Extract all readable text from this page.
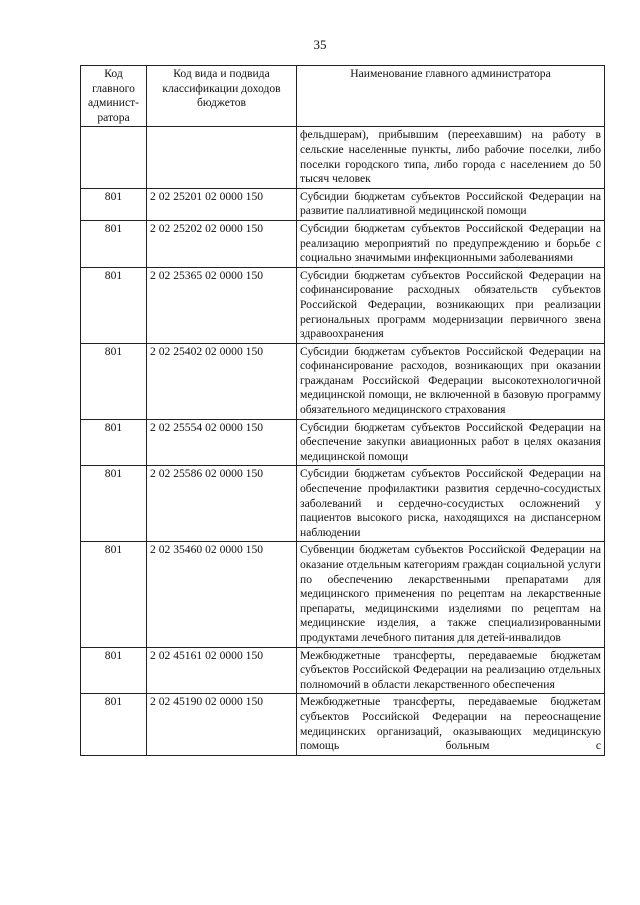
35
Код главного админист-ратора	Код вида и подвида классификации доходов бюджетов	Наименование главного администратора
		фельдшерам), прибывшим (переехавшим) на работу в сельские населенные пункты, либо рабочие поселки, либо поселки городского типа, либо города с населением до 50 тысяч человек
801	2 02 25201 02 0000 150	Субсидии бюджетам субъектов Российской Федерации на развитие паллиативной медицинской помощи
801	2 02 25202 02 0000 150	Субсидии бюджетам субъектов Российской Федерации на реализацию мероприятий по предупреждению и борьбе с социально значимыми инфекционными заболеваниями
801	2 02 25365 02 0000 150	Субсидии бюджетам субъектов Российской Федерации на софинансирование расходных обязательств субъектов Российской Федерации, возникающих при реализации региональных программ модернизации первичного звена здравоохранения
801	2 02 25402 02 0000 150	Субсидии бюджетам субъектов Российской Федерации на софинансирование расходов, возникающих при оказании гражданам Российской Федерации высокотехнологичной медицинской помощи, не включенной в базовую программу обязательного медицинского страхования
801	2 02 25554 02 0000 150	Субсидии бюджетам субъектов Российской Федерации на обеспечение закупки авиационных работ в целях оказания медицинской помощи
801	2 02 25586 02 0000 150	Субсидии бюджетам субъектов Российской Федерации на обеспечение профилактики развития сердечно-сосудистых заболеваний и сердечно-сосудистых осложнений у пациентов высокого риска, находящихся на диспансерном наблюдении
801	2 02 35460 02 0000 150	Субвенции бюджетам субъектов Российской Федерации на оказание отдельным категориям граждан социальной услуги по обеспечению лекарственными препаратами для медицинского применения по рецептам на лекарственные препараты, медицинскими изделиями по рецептам на медицинские изделия, а также специализированными продуктами лечебного питания для детей-инвалидов
801	2 02 45161 02 0000 150	Межбюджетные трансферты, передаваемые бюджетам субъектов Российской Федерации на реализацию отдельных полномочий в области лекарственного обеспечения
801	2 02 45190 02 0000 150	Межбюджетные трансферты, передаваемые бюджетам субъектов Российской Федерации на переоснащение медицинских организаций, оказывающих медицинскую помощь больным с
